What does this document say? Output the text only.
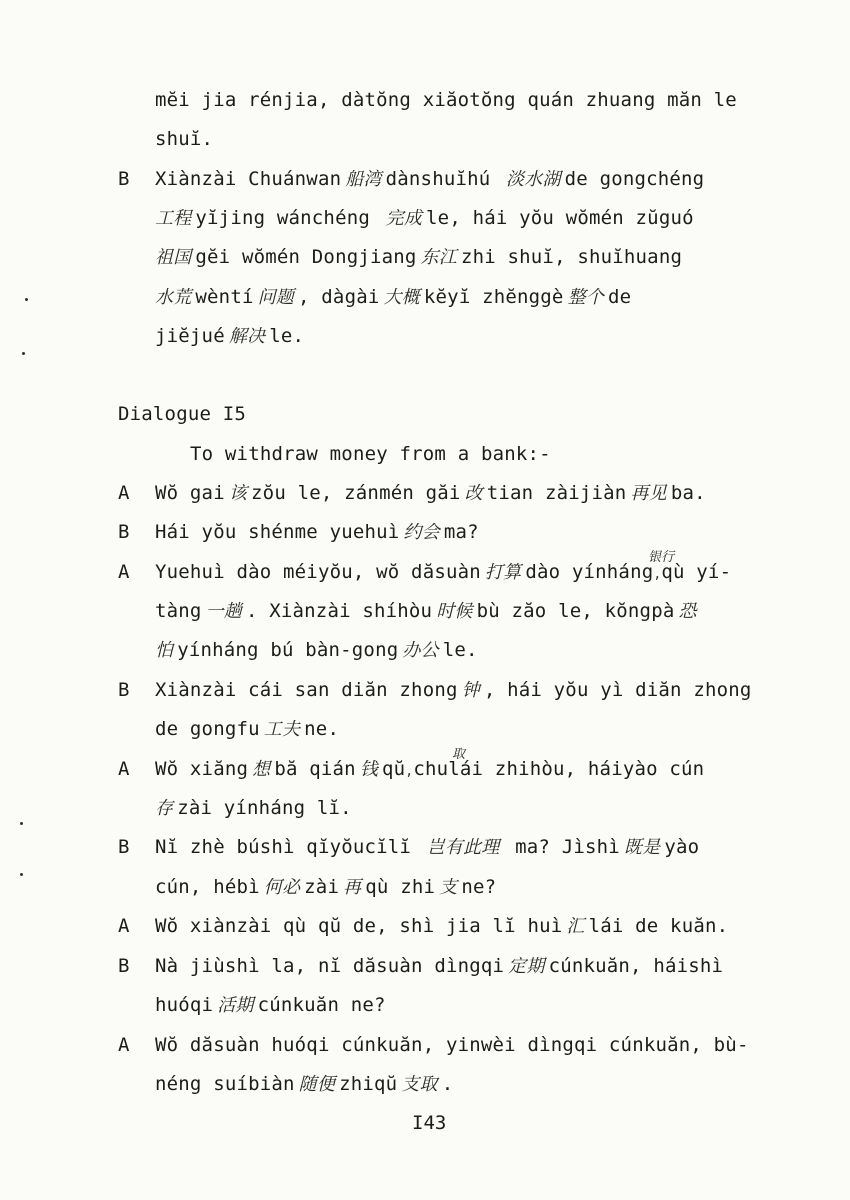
mĕi jia rénjia, dàtŏng xiăotŏng quán zhuang măn le
shuĭ.
B Xiànzài Chuánwan 船湾 dànshuĭhú 淡水湖 de gongchéng
工程 yĭjing wánchéng 完成 le, hái yŏu wŏmén zŭguó
祖国 gĕi wŏmén Dongjiang 东江 zhi shuĭ, shuĭhuang
水荒 wèntí 问题 , dàgài 大概 kĕyĭ zhĕnggè 整个 de
jiĕjué 解决 le.
Dialogue I5
To withdraw money from a bank:-
A Wŏ gai 该 zŏu le, zánmén găi 改 tian zàijiàn 再见 ba.
B Hái yŏu shénme yuehuì 约会 ma?
A
银行
Yuehuì dào méiyŏu, wŏ dăsuàn 打算 dào yínháng,qù yí-
tàng 一趟 . Xiànzài shíhòu 时候 bù zăo le, kŏngpà 恐
怕 yínháng bú bàn-gong 办公 le.
B Xiànzài cái san diăn zhong 钟 , hái yŏu yì diăn zhong
de gongfu 工夫 ne.
A
取
Wŏ xiăng 想 bă qián 钱 qŭ,chulái zhihòu, háiyào cún
存 zài yínháng lĭ.
B Nĭ zhè búshì qĭyŏucĭlĭ 岂有此理 ma? Jìshì 既是 yào
cún, hébì 何必 zài 再 qù zhi 支 ne?
A Wŏ xiànzài qù qŭ de, shì jia lĭ huì 汇 lái de kuăn.
B Nà jiùshì la, nĭ dăsuàn dìngqi 定期 cúnkuăn, háishì
huóqi 活期 cúnkuăn ne?
A Wŏ dăsuàn huóqi cúnkuăn, yinwèi dìngqi cúnkuăn, bù-
néng suíbiàn 随便 zhiqŭ 支取 .
I43
